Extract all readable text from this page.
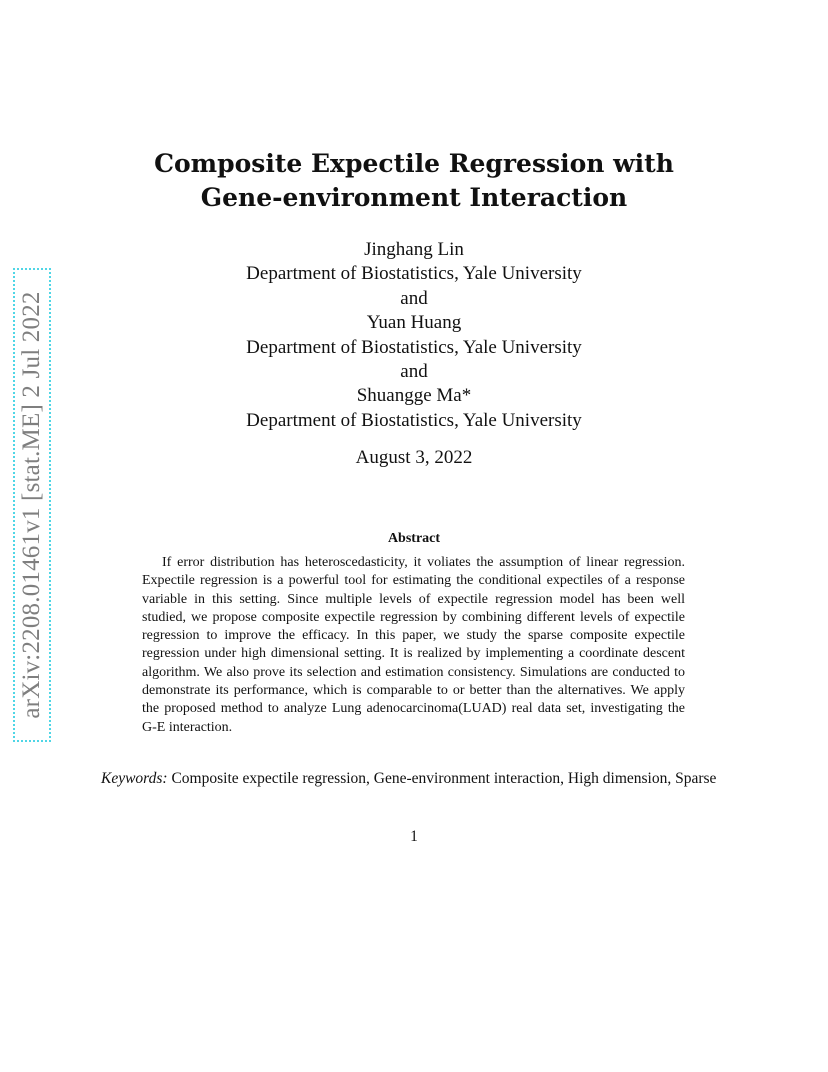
arXiv:2208.01461v1 [stat.ME] 2 Jul 2022
Composite Expectile Regression with
Gene-environment Interaction
Jinghang Lin
Department of Biostatistics, Yale University
and
Yuan Huang
Department of Biostatistics, Yale University
and
Shuangge Ma*
Department of Biostatistics, Yale University
August 3, 2022
Abstract
If error distribution has heteroscedasticity, it voliates the assumption of linear regression. Expectile regression is a powerful tool for estimating the conditional expectiles of a response variable in this setting. Since multiple levels of expectile regression model has been well studied, we propose composite expectile regression by combining different levels of expectile regression to improve the efficacy. In this paper, we study the sparse composite expectile regression under high dimensional setting. It is realized by implementing a coordinate descent algorithm. We also prove its selection and estimation consistency. Simulations are conducted to demonstrate its performance, which is comparable to or better than the alternatives. We apply the proposed method to analyze Lung adenocarcinoma(LUAD) real data set, investigating the G-E interaction.
Keywords: Composite expectile regression, Gene-environment interaction, High dimension, Sparse
1
